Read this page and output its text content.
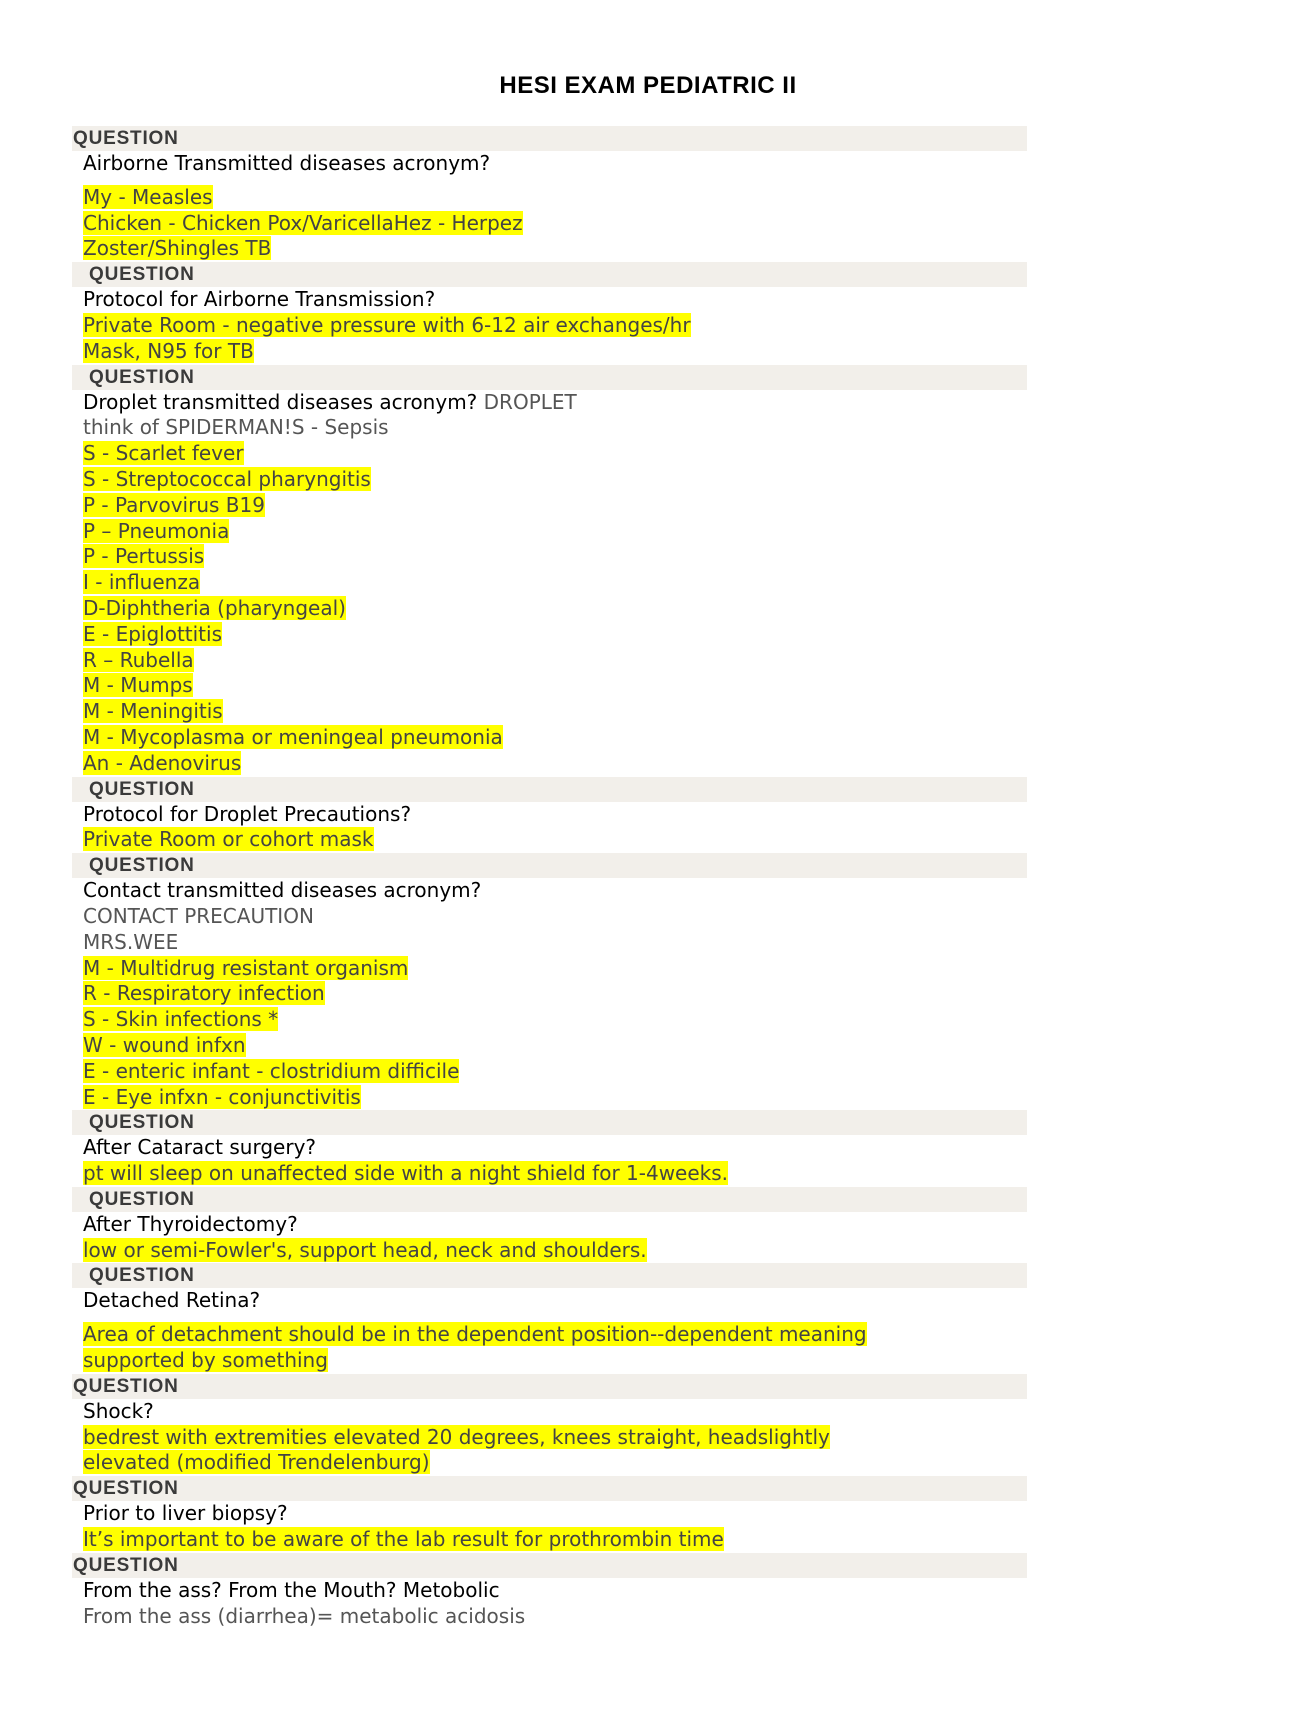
HESI EXAM PEDIATRIC II
QUESTION
Airborne Transmitted diseases acronym?
My - Measles
Chicken - Chicken Pox/VaricellaHez - Herpez
Zoster/Shingles TB
QUESTION
Protocol for Airborne Transmission?
Private Room - negative pressure with 6-12 air exchanges/hr
Mask, N95 for TB
QUESTION
Droplet transmitted diseases acronym? DROPLET
think of SPIDERMAN!S - Sepsis
S - Scarlet fever
S - Streptococcal pharyngitis
P - Parvovirus B19
P – Pneumonia
P - Pertussis
I - influenza
D-Diphtheria (pharyngeal)
E - Epiglottitis
R – Rubella
M - Mumps
M - Meningitis
M - Mycoplasma or meningeal pneumonia
An - Adenovirus
QUESTION
Protocol for Droplet Precautions?
Private Room or cohort mask
QUESTION
Contact transmitted diseases acronym?
CONTACT PRECAUTION
MRS.WEE
M - Multidrug resistant organism
R - Respiratory infection
S - Skin infections *
W - wound infxn
E - enteric infant - clostridium difficile
E - Eye infxn - conjunctivitis
QUESTION
After Cataract surgery?
pt will sleep on unaffected side with a night shield for 1-4weeks.
QUESTION
After Thyroidectomy?
low or semi-Fowler's, support head, neck and shoulders.
QUESTION
Detached Retina?
Area of detachment should be in the dependent position--dependent meaning
supported by something
QUESTION
Shock?
bedrest with extremities elevated 20 degrees, knees straight, headslightly
elevated (modified Trendelenburg)
QUESTION
Prior to liver biopsy?
It’s important to be aware of the lab result for prothrombin time
QUESTION
From the ass? From the Mouth? Metobolic
From the ass (diarrhea)= metabolic acidosis
